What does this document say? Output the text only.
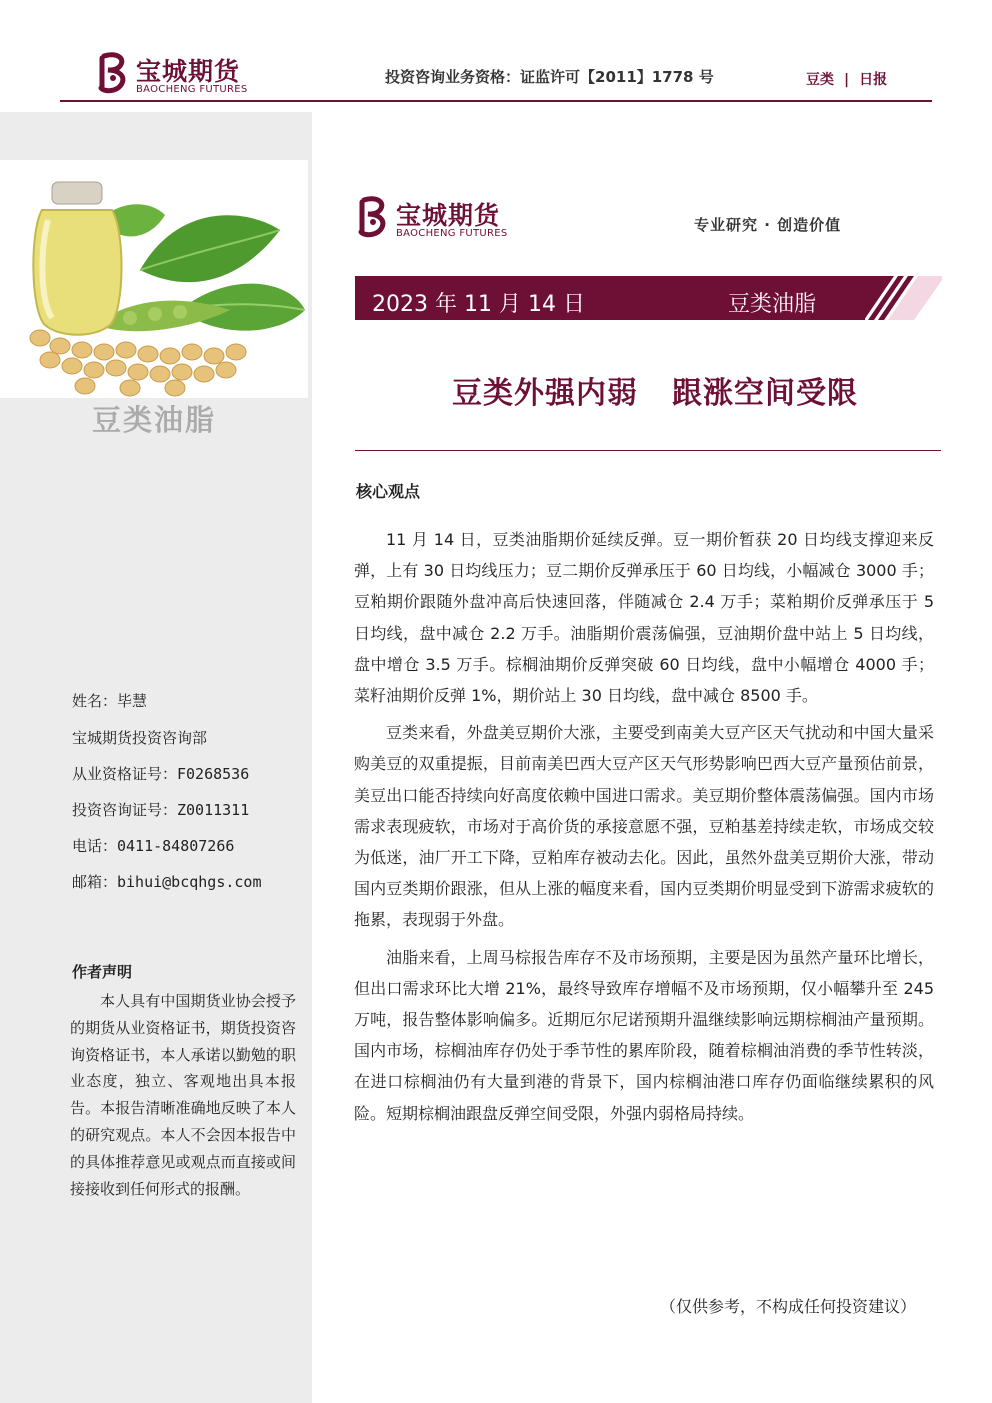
宝城期货
BAOCHENG FUTURES
投资咨询业务资格：证监许可【2011】1778 号	豆类 | 日报
豆类油脂
姓名：毕慧
宝城期货投资咨询部
从业资格证号：F0268536
投资咨询证号：Z0011311
电话：0411-84807266
邮箱：bihui@bcqhgs.com
作者声明
本人具有中国期货业协会授予的期货从业资格证书，期货投资咨询资格证书，本人承诺以勤勉的职业态度，独立、客观地出具本报告。本报告清晰准确地反映了本人的研究观点。本人不会因本报告中的具体推荐意见或观点而直接或间接接收到任何形式的报酬。
宝城期货
BAOCHENG FUTURES	专业研究 · 创造价值
2023 年 11 月 14 日	豆类油脂
豆类外强内弱 跟涨空间受限
核心观点

11 月 14 日，豆类油脂期价延续反弹。豆一期价暂获 20 日均线支撑迎来反弹，上有 30 日均线压力；豆二期价反弹承压于 60 日均线，小幅减仓 3000 手；豆粕期价跟随外盘冲高后快速回落，伴随减仓 2.4 万手；菜粕期价反弹承压于 5 日均线，盘中减仓 2.2 万手。油脂期价震荡偏强，豆油期价盘中站上 5 日均线，盘中增仓 3.5 万手。棕榈油期价反弹突破 60 日均线，盘中小幅增仓 4000 手；菜籽油期价反弹 1%，期价站上 30 日均线，盘中减仓 8500 手。

豆类来看，外盘美豆期价大涨，主要受到南美大豆产区天气扰动和中国大量采购美豆的双重提振，目前南美巴西大豆产区天气形势影响巴西大豆产量预估前景，美豆出口能否持续向好高度依赖中国进口需求。美豆期价整体震荡偏强。国内市场需求表现疲软，市场对于高价货的承接意愿不强，豆粕基差持续走软，市场成交较为低迷，油厂开工下降，豆粕库存被动去化。因此，虽然外盘美豆期价大涨，带动国内豆类期价跟涨，但从上涨的幅度来看，国内豆类期价明显受到下游需求疲软的拖累，表现弱于外盘。

油脂来看，上周马棕报告库存不及市场预期，主要是因为虽然产量环比增长，但出口需求环比大增 21%，最终导致库存增幅不及市场预期，仅小幅攀升至 245 万吨，报告整体影响偏多。近期厄尔尼诺预期升温继续影响远期棕榈油产量预期。国内市场，棕榈油库存仍处于季节性的累库阶段，随着棕榈油消费的季节性转淡，在进口棕榈油仍有大量到港的背景下，国内棕榈油港口库存仍面临继续累积的风险。短期棕榈油跟盘反弹空间受限，外强内弱格局持续。

（仅供参考，不构成任何投资建议）
